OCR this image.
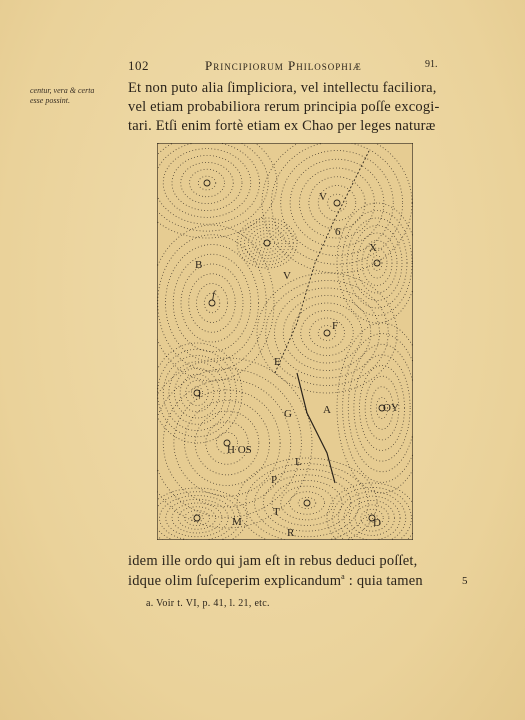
102	Principiorum Philosophiæ	91.
centur, vera & certa
esse possint.
Et non puto alia ſimpliciora, vel intellectu faciliora,
vel etiam probabiliora rerum principia poſſe excogi-
tari. Etſi enim fortè etiam ex Chao per leges naturæ
B
f
V
6
X
V
F
E
i
A
G	OY
H OS
L
P
D
R
T
M
idem ille ordo qui jam eſt in rebus deduci poſſet,
idque olim ſuſceperim explicandum$^a$ : quia tamen	5
a. Voir t. VI, p. 41, l. 21, etc.
